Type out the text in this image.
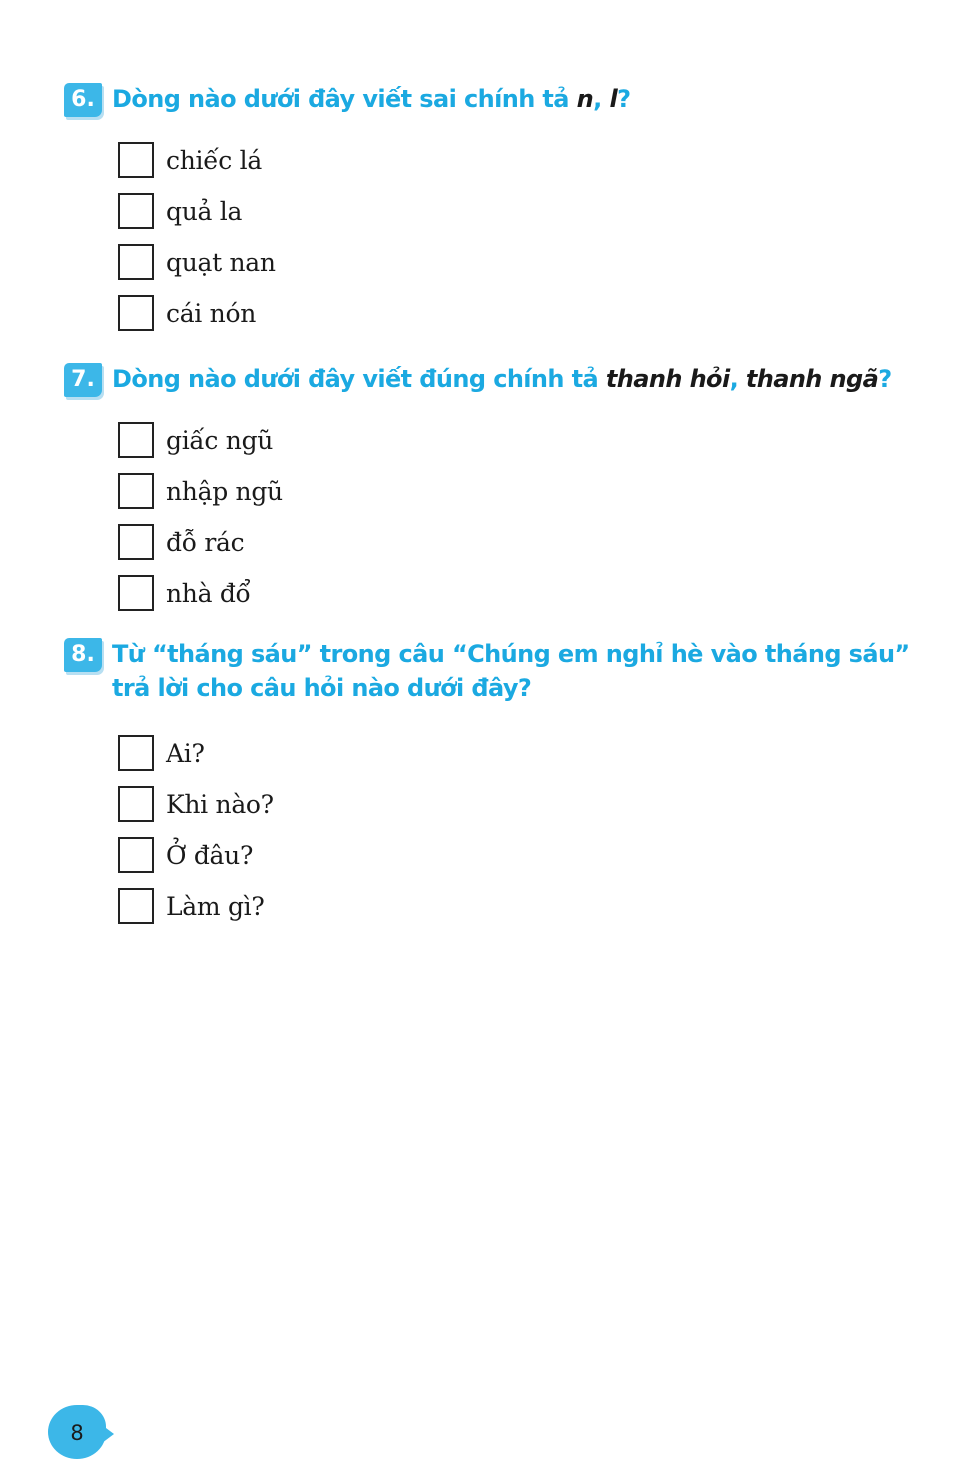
6. Dòng nào dưới đây viết sai chính tả n, l?
chiếc lá
quả la
quạt nan
cái nón
7. Dòng nào dưới đây viết đúng chính tả thanh hỏi, thanh ngã?
giấc ngũ
nhập ngũ
đỗ rác
nhà đổ
8. Từ “tháng sáu” trong câu “Chúng em nghỉ hè vào tháng sáu” trả lời cho câu hỏi nào dưới đây?
Ai?
Khi nào?
Ở đâu?
Làm gì?
8
